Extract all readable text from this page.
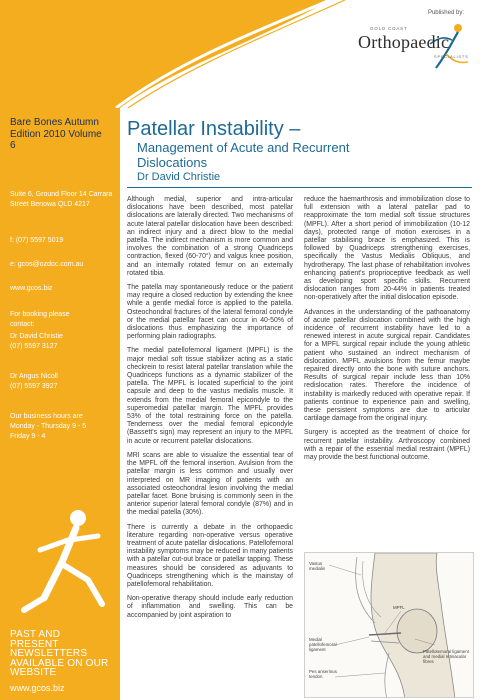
Published by:
GOLD COAST
Orthopaedic
SPECIALISTS
Bare Bones Autumn Edition 2010 Volume 6
Suite 6, Ground Floor 14 Carrara Street Benowa QLD 4217
f: (07) 5597 5019
e: gcos@ozdoc.com.au
www.gcos.biz
For booking please contact:
Dr David Christie
(07) 5597 3127
Dr Angus Nicoll
(07) 5597 3927
Our business hours are
Monday - Thursday 9 - 5
Friday 9 - 4
PAST AND PRESENT NEWSLETTERS AVAILABLE ON OUR WEBSITE
www.gcos.biz
Patellar Instability –
Management of Acute and Recurrent Dislocations
Dr David Christie

Although medial, superior and intra-articular dislocations have been described, most patellar dislocations are laterally directed. Two mechanisms of acute lateral patellar dislocation have been described: an indirect injury and a direct blow to the medial patella. The indirect mechanism is more common and involves the combination of a strong Quadriceps contraction, flexed (60-70°) and valgus knee position, and an internally rotated femur on an externally rotated tibia.

The patella may spontaneously reduce or the patient may require a closed reduction by extending the knee while a gentle medial force is applied to the patella. Osteochondral fractures of the lateral femoral condyle or the medial patellar facet can occur in 40-50% of dislocations thus emphasizing the importance of performing plain radiographs.

The medial patellofemoral ligament (MPFL) is the major medial soft tissue stabilizer acting as a static checkrein to resist lateral patellar translation while the Quadriceps functions as a dynamic stabilizer of the patella. The MPFL is located superficial to the joint capsule and deep to the vastus medialis muscle. It extends from the medial femoral epicondyle to the superomedial patellar margin. The MPFL provides 53% of the total restraining force on the patella. Tenderness over the medial femoral epicondyle (Bassett's sign) may represent an injury to the MPFL in acute or recurrent patellar dislocations.

MRI scans are able to visualize the essential tear of the MPFL off the femoral insertion. Avulsion from the patellar margin is less common and usually over interpreted on MR imaging of patients with an associated osteochondral lesion involving the medial patellar facet. Bone bruising is commonly seen in the anterior superior lateral femoral condyle (87%) and in the medial patella (30%).

There is currently a debate in the orthopaedic literature regarding non-operative versus operative treatment of acute patellar dislocations. Patellofemoral instability symptoms may be reduced in many patients with a patellar cut-out brace or patellar tapping. These measures should be considered as adjuvants to Quadriceps strengthening which is the mainstay of patellofemoral rehabilitation.

Non-operative therapy should include early reduction of inflammation and swelling. This can be accompanied by joint aspiration to

reduce the haemarthrosis and immobilization close to full extension with a lateral patellar pad to reapproximate the torn medial soft tissue structures (MPFL). After a short period of immobilization (10-12 days), protected range of motion exercises in a patellar stabilising brace is emphasized. This is followed by Quadriceps strengthening exercises, specifically the Vastus Medialis Obliquus, and hydrotherapy. The last phase of rehabilitation involves enhancing patient's proprioceptive feedback as well as developing sport specific skills. Recurrent dislocation ranges from 20-44% in patients treated non-operatively after the initial dislocation episode.

Advances in the understanding of the pathoanatomy of acute patellar dislocation combined with the high incidence of recurrent instability have led to a renewed interest in acute surgical repair. Candidates for a MPFL surgical repair include the young athletic patient who sustained an indirect mechanism of dislocation. MPFL avulsions from the femur maybe repaired directly onto the bone with suture anchors. Results of surgical repair include less than 10% redislocation rates. Therefore the incidence of instability is markedly reduced with operative repair. If patients continue to experience pain and swelling, these persistent symptoms are due to articular cartilage damage from the original injury.

Surgery is accepted as the treatment of choice for recurrent patellar instability. Arthroscopy combined with a repair of the essential medial restraint (MPFL) may provide the best functional outcome.

Vastus medialis
MPFL
Medial patellofemoral ligament
Pes anserinus tendon
Patellotemoral ligament and medial retinacular fibres
